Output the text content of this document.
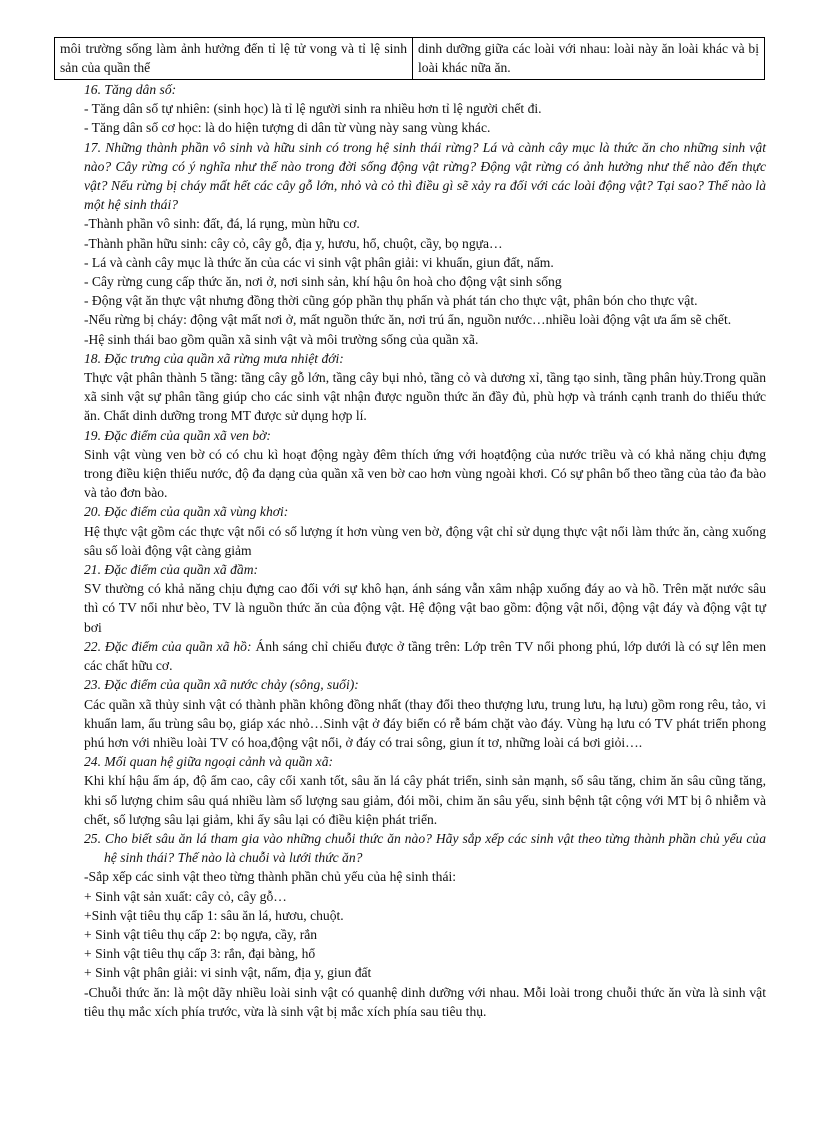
môi trường sống làm ảnh hưởng đến tỉ lệ tử vong và tỉ lệ sinh sản của quần thể	dinh dưỡng giữa các loài với nhau: loài này ăn loài khác và bị loài khác nữa ăn.

16. Tăng dân số:

- Tăng dân số tự nhiên: (sinh học) là tỉ lệ người sinh ra nhiều hơn tỉ lệ người chết đi.

- Tăng dân số cơ học: là do hiện tượng di dân từ vùng này sang vùng khác.

17. Những thành phần vô sinh và hữu sinh có trong hệ sinh thái rừng? Lá và cành cây mục là thức ăn cho những sinh vật nào? Cây rừng có ý nghĩa như thế nào trong đời sống động vật rừng? Động vật rừng có ảnh hưởng như thế nào đến thực vật? Nếu rừng bị cháy mất hết các cây gỗ lớn, nhỏ và cỏ thì điều gì sẽ xảy ra đối với các loài động vật? Tại sao? Thế nào là một hệ sinh thái?

-Thành phần vô sinh: đất, đá, lá rụng, mùn hữu cơ.

-Thành phần hữu sinh: cây cỏ, cây gỗ, địa y, hươu, hổ, chuột, cầy, bọ ngựa…

- Lá và cành cây mục là thức ăn của các vi sinh vật phân giải: vi khuẩn, giun đất, nấm.

- Cây rừng cung cấp thức ăn, nơi ở, nơi sinh sản, khí hậu ôn hoà cho động vật sinh sống

- Động vật ăn thực vật nhưng đồng thời cũng góp phần thụ phấn và phát tán cho thực vật, phân bón cho thực vật.

-Nếu rừng bị cháy: động vật mất nơi ở, mất nguồn thức ăn, nơi trú ẩn, nguồn nước…nhiều loài động vật ưa ẩm sẽ chết.

-Hệ sinh thái bao gồm quần xã sinh vật và môi trường sống của quần xã.

18. Đặc trưng của quần xã rừng mưa nhiệt đới:

Thực vật phân thành 5 tầng: tầng cây gỗ lớn, tầng cây bụi nhỏ, tầng cỏ và dương xỉ, tầng tạo sinh, tầng phân hủy.Trong quần xã sinh vật sự phân tầng giúp cho các sinh vật nhận được nguồn thức ăn đầy đủ, phù hợp và tránh cạnh tranh do thiếu thức ăn. Chất dinh dưỡng trong MT được sử dụng hợp lí.

19. Đặc điểm của quần xã ven bờ:

Sinh vật vùng ven bờ có có chu kì hoạt động ngày đêm thích ứng với hoạtđộng của nước triều và có khả năng chịu đựng trong điều kiện thiếu nước, độ đa dạng của quần xã ven bờ cao hơn vùng ngoài khơi. Có sự phân bố theo tầng của tảo đa bào và tảo đơn bào.

20. Đặc điểm của quần xã vùng khơi:

Hệ thực vật gồm các thực vật nổi có số lượng ít hơn vùng ven bờ, động vật chỉ sử dụng thực vật nổi làm thức ăn, càng xuống sâu số loài động vật càng giảm

21. Đặc điểm của quần xã đầm:

SV thường có khả năng chịu đựng cao đối với sự khô hạn, ánh sáng vẫn xâm nhập xuống đáy ao và hồ. Trên mặt nước sâu thì có TV nổi như bèo, TV là nguồn thức ăn của động vật. Hệ động vật bao gồm: động vật nổi, động vật đáy và động vật tự bơi

22. Đặc điểm của quần xã hồ: Ánh sáng chỉ chiếu được ở tầng trên: Lớp trên TV nổi phong phú, lớp dưới là có sự lên men các chất hữu cơ.

23. Đặc điểm của quần xã nước chảy (sông, suối):

Các quần xã thủy sinh vật có thành phần không đồng nhất (thay đổi theo thượng lưu, trung lưu, hạ lưu) gồm rong rêu, tảo, vi khuẩn lam, ấu trùng sâu bọ, giáp xác nhỏ…Sinh vật ở đáy biển có rễ bám chặt vào đáy. Vùng hạ lưu có TV phát triển phong phú hơn với nhiều loài TV có hoa,động vật nổi, ở đáy có trai sông, giun ít tơ, những loài cá bơi giỏi….

24. Mối quan hệ giữa ngoại cảnh và quần xã:

Khi khí hậu ấm áp, độ ẩm cao, cây cối xanh tốt, sâu ăn lá cây phát triển, sinh sản mạnh, số sâu tăng, chim ăn sâu cũng tăng, khi số lượng chim sâu quá nhiều làm số lượng sau giảm, đói mồi, chim ăn sâu yếu, sinh bệnh tật cộng với MT bị ô nhiễm và chết, số lượng sâu lại giảm, khi ấy sâu lại có điều kiện phát triển.

25. Cho biết sâu ăn lá tham gia vào những chuỗi thức ăn nào? Hãy sắp xếp các sinh vật theo từng thành phần chủ yếu của hệ sinh thái? Thế nào là chuỗi và lưới thức ăn?

-Sắp xếp các sinh vật theo từng thành phần chủ yếu của hệ sinh thái:

+ Sinh vật sản xuất: cây cỏ, cây gỗ…

+Sinh vật tiêu thụ cấp 1: sâu ăn lá, hươu, chuột.

+ Sinh vật tiêu thụ cấp 2: bọ ngựa, cầy, rắn

+ Sinh vật tiêu thụ cấp 3: rắn, đại bàng, hổ

+ Sinh vật phân giải: vi sinh vật, nấm, địa y, giun đất

-Chuỗi thức ăn: là một dãy nhiều loài sinh vật có quanhệ dinh dưỡng với nhau. Mỗi loài trong chuỗi thức ăn vừa là sinh vật tiêu thụ mắc xích phía trước, vừa là sinh vật bị mắc xích phía sau tiêu thụ.
